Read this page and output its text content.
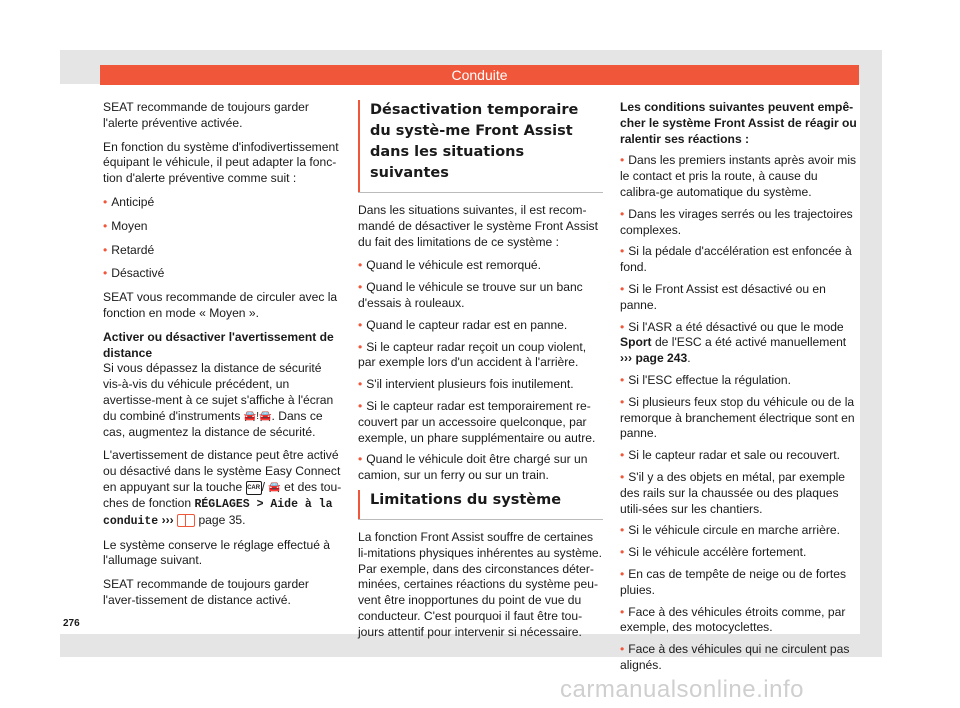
Conduite

SEAT recommande de toujours garder l'alerte préventive activée.

En fonction du système d'infodivertissement équipant le véhicule, il peut adapter la fonc-tion d'alerte préventive comme suit :

• Anticipé
• Moyen
• Retardé
• Désactivé

SEAT vous recommande de circuler avec la fonction en mode « Moyen ».

Activer ou désactiver l'avertissement de distance

Si vous dépassez la distance de sécurité vis-à-vis du véhicule précédent, un avertisse-ment à ce sujet s'affiche à l'écran du combiné d'instruments 🚘!🚘. Dans ce cas, augmentez la distance de sécurité.

L'avertissement de distance peut être activé ou désactivé dans le système Easy Connect en appuyant sur la touche CAR / 🚘 et des tou-ches de fonction RÉGLAGES > Aide à la conduite ››› page 35.

Le système conserve le réglage effectué à l'allumage suivant.

SEAT recommande de toujours garder l'aver-tissement de distance activé.

Désactivation temporaire du systè-me Front Assist dans les situations suivantes

Dans les situations suivantes, il est recom-mandé de désactiver le système Front Assist du fait des limitations de ce système :

• Quand le véhicule est remorqué.
• Quand le véhicule se trouve sur un banc d'essais à rouleaux.
• Quand le capteur radar est en panne.
• Si le capteur radar reçoit un coup violent, par exemple lors d'un accident à l'arrière.
• S'il intervient plusieurs fois inutilement.
• Si le capteur radar est temporairement re-couvert par un accessoire quelconque, par exemple, un phare supplémentaire ou autre.
• Quand le véhicule doit être chargé sur un camion, sur un ferry ou sur un train.
Limitations du système

La fonction Front Assist souffre de certaines li-mitations physiques inhérentes au système. Par exemple, dans des circonstances déter-minées, certaines réactions du système peu-vent être inopportunes du point de vue du conducteur. C'est pourquoi il faut être tou-jours attentif pour intervenir si nécessaire.

Les conditions suivantes peuvent empê-cher le système Front Assist de réagir ou ralentir ses réactions :

• Dans les premiers instants après avoir mis le contact et pris la route, à cause du calibra-ge automatique du système.
• Dans les virages serrés ou les trajectoires complexes.
• Si la pédale d'accélération est enfoncée à fond.
• Si le Front Assist est désactivé ou en panne.
• Si l'ASR a été désactivé ou que le mode Sport de l'ESC a été activé manuellement ››› page 243.
• Si l'ESC effectue la régulation.
• Si plusieurs feux stop du véhicule ou de la remorque à branchement électrique sont en panne.
• Si le capteur radar et sale ou recouvert.
• S'il y a des objets en métal, par exemple des rails sur la chaussée ou des plaques utili-sées sur les chantiers.
• Si le véhicule circule en marche arrière.
• Si le véhicule accélère fortement.
• En cas de tempête de neige ou de fortes pluies.
• Face à des véhicules étroits comme, par exemple, des motocyclettes.
• Face à des véhicules qui ne circulent pas alignés.
276
carmanualsonline.info
